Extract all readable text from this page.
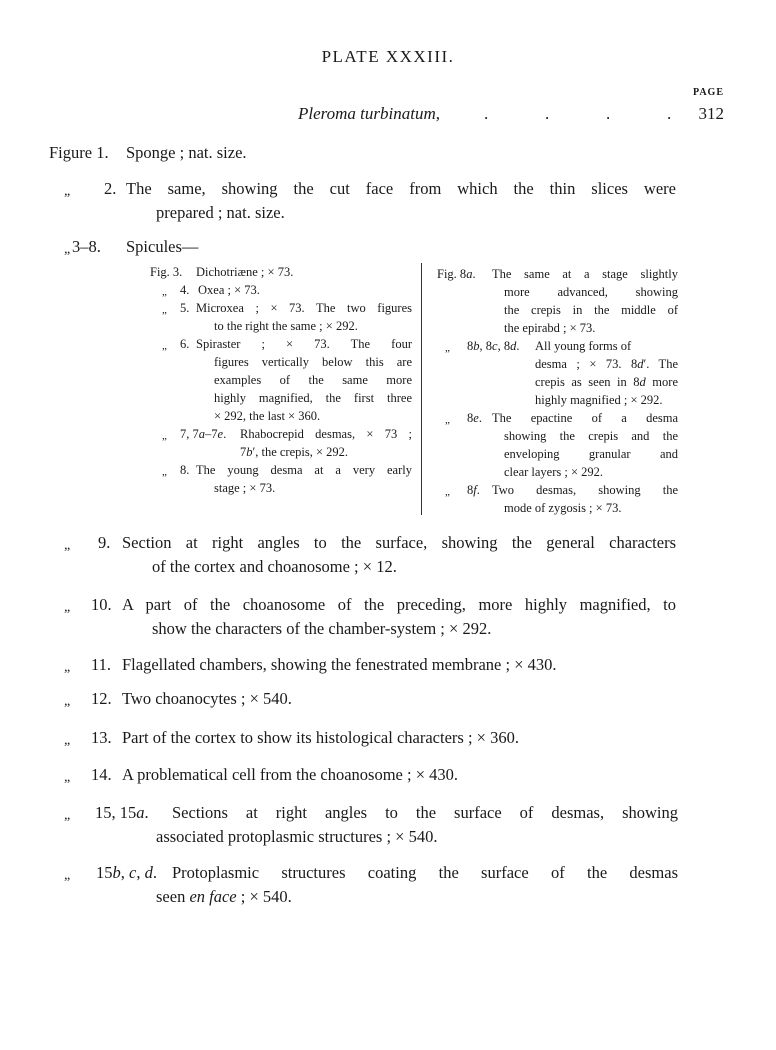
PLATE XXXIII.
PAGE
Pleroma turbinatum,	.	.	.	.	312
Figure 1. Sponge ; nat. size.
„ 2. The same, showing the cut face from which the thin slices were
prepared ; nat. size.
„ 3–8. Spicules—
„ 9. Section at right angles to the surface, showing the general characters
of the cortex and choanosome ; × 12.
„ 10. A part of the choanosome of the preceding, more highly magnified, to
show the characters of the chamber-system ; × 292.
„ 11. Flagellated chambers, showing the fenestrated membrane ; × 430.
„ 12. Two choanocytes ; × 540.
„ 13. Part of the cortex to show its histological characters ; × 360.
„ 14. A problematical cell from the choanosome ; × 430.
„ 15, 15a. Sections at right angles to the surface of desmas, showing
associated protoplasmic structures ; × 540.
„ 15b, c, d. Protoplasmic structures coating the surface of the desmas
seen en face ; × 540.
Fig. 3. Dichotriæne ; × 73.
„ 4. Oxea ; × 73.
„ 5. Microxea ; × 73. The two figures
to the right the same ; × 292.
„ 6. Spiraster ; × 73. The four
figures vertically below this are
examples of the same more
highly magnified, the first three
× 292, the last × 360.
„ 7, 7a–7e. Rhabocrepid desmas, × 73 ;
7b′, the crepis, × 292.
„ 8. The young desma at a very early
stage ; × 73.
Fig. 8a. The same at a stage slightly
more advanced, showing
the crepis in the middle of
the epirabd ; × 73.
„ 8b, 8c, 8d. All young forms of
desma ; × 73. 8d′. The
crepis as seen in 8d more
highly magnified ; × 292.
„ 8e. The epactine of a desma
showing the crepis and the
enveloping granular and
clear layers ; × 292.
„ 8f. Two desmas, showing the
mode of zygosis ; × 73.
